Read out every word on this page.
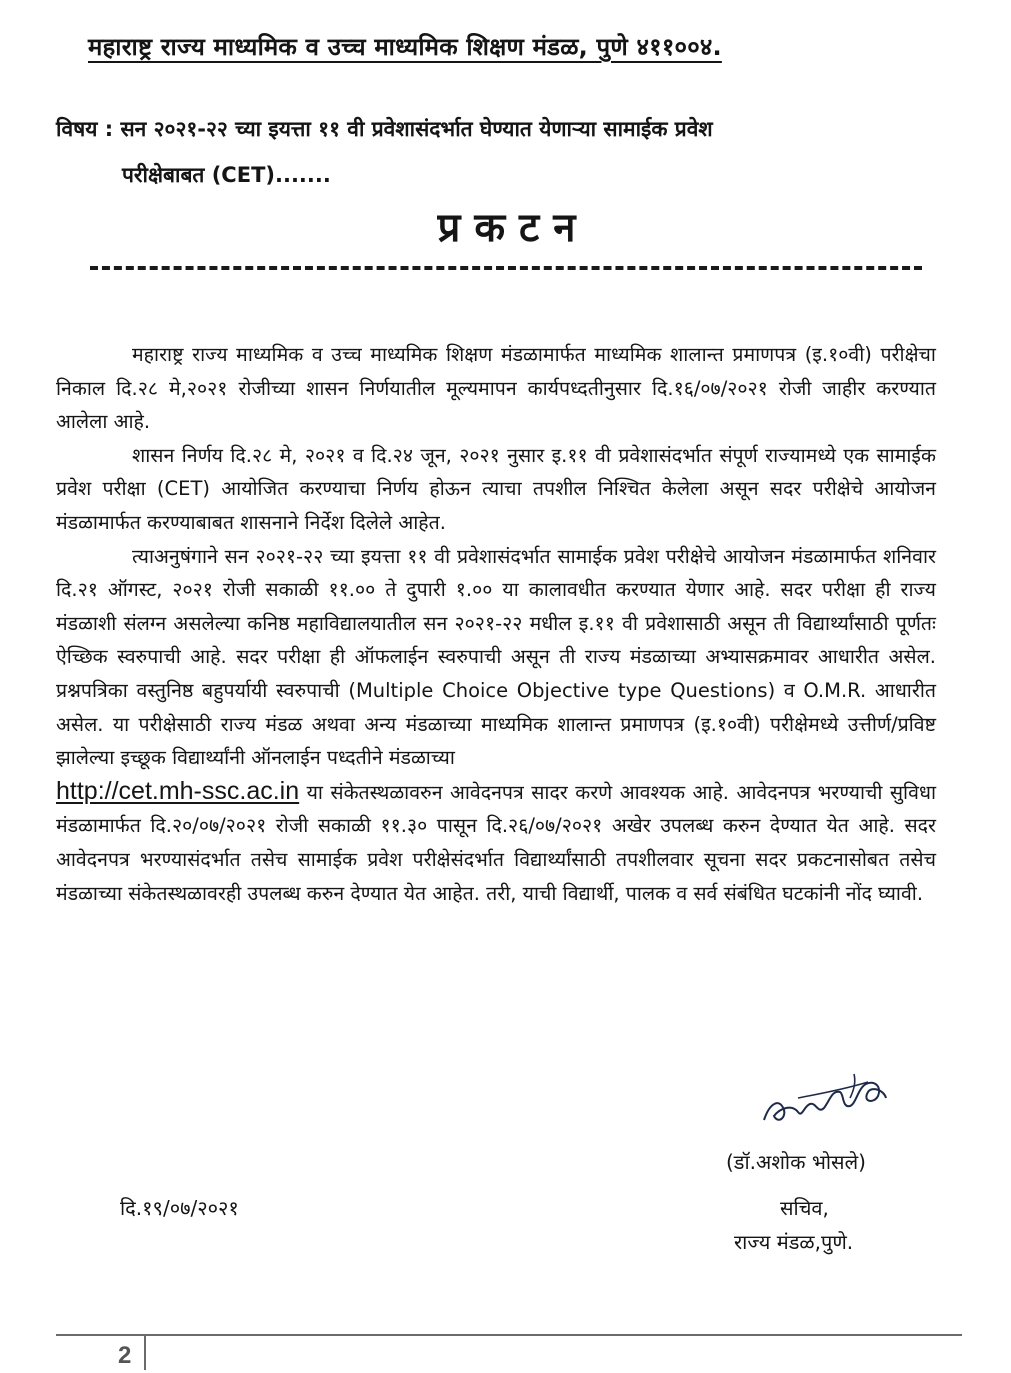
महाराष्ट्र राज्य माध्यमिक व उच्च माध्यमिक शिक्षण मंडळ, पुणे ४११००४.
विषय : सन २०२१-२२ च्या इयत्ता ११ वी प्रवेशासंदर्भात घेण्यात येणाऱ्या सामाईक प्रवेश
परीक्षेबाबत (CET).......
प्रकटन

महाराष्ट्र राज्य माध्यमिक व उच्च माध्यमिक शिक्षण मंडळामार्फत माध्यमिक शालान्त प्रमाणपत्र (इ.१०वी) परीक्षेचा निकाल दि.२८ मे,२०२१ रोजीच्या शासन निर्णयातील मूल्यमापन कार्यपध्दतीनुसार दि.१६/०७/२०२१ रोजी जाहीर करण्यात आलेला आहे.

शासन निर्णय दि.२८ मे, २०२१ व दि.२४ जून, २०२१ नुसार इ.११ वी प्रवेशासंदर्भात संपूर्ण राज्यामध्ये एक सामाईक प्रवेश परीक्षा (CET) आयोजित करण्याचा निर्णय होऊन त्याचा तपशील निश्चित केलेला असून सदर परीक्षेचे आयोजन मंडळामार्फत करण्याबाबत शासनाने निर्देश दिलेले आहेत.

त्याअनुषंगाने सन २०२१-२२ च्या इयत्ता ११ वी प्रवेशासंदर्भात सामाईक प्रवेश परीक्षेचे आयोजन मंडळामार्फत शनिवार दि.२१ ऑगस्ट, २०२१ रोजी सकाळी ११.०० ते दुपारी १.०० या कालावधीत करण्यात येणार आहे. सदर परीक्षा ही राज्य मंडळाशी संलग्न असलेल्या कनिष्ठ महाविद्यालयातील सन २०२१-२२ मधील इ.११ वी प्रवेशासाठी असून ती विद्यार्थ्यांसाठी पूर्णतः ऐच्छिक स्वरुपाची आहे. सदर परीक्षा ही ऑफलाईन स्वरुपाची असून ती राज्य मंडळाच्या अभ्यासक्रमावर आधारीत असेल. प्रश्नपत्रिका वस्तुनिष्ठ बहुपर्यायी स्वरुपाची (Multiple Choice Objective type Questions) व O.M.R. आधारीत असेल. या परीक्षेसाठी राज्य मंडळ अथवा अन्य मंडळाच्या माध्यमिक शालान्त प्रमाणपत्र (इ.१०वी) परीक्षेमध्ये उत्तीर्ण/प्रविष्ट झालेल्या इच्छूक विद्यार्थ्यांनी ऑनलाईन पध्दतीने मंडळाच्या
http://cet.mh-ssc.ac.in या संकेतस्थळावरुन आवेदनपत्र सादर करणे आवश्यक आहे. आवेदनपत्र भरण्याची सुविधा मंडळामार्फत दि.२०/०७/२०२१ रोजी सकाळी ११.३० पासून दि.२६/०७/२०२१ अखेर उपलब्ध करुन देण्यात येत आहे. सदर आवेदनपत्र भरण्यासंदर्भात तसेच सामाईक प्रवेश परीक्षेसंदर्भात विद्यार्थ्यांसाठी तपशीलवार सूचना सदर प्रकटनासोबत तसेच मंडळाच्या संकेतस्थळावरही उपलब्ध करुन देण्यात येत आहेत. तरी, याची विद्यार्थी, पालक व सर्व संबंधित घटकांनी नोंद घ्यावी.

(डॉ.अशोक भोसले)
दि.१९/०७/२०२१	सचिव,
राज्य मंडळ,पुणे.
2
